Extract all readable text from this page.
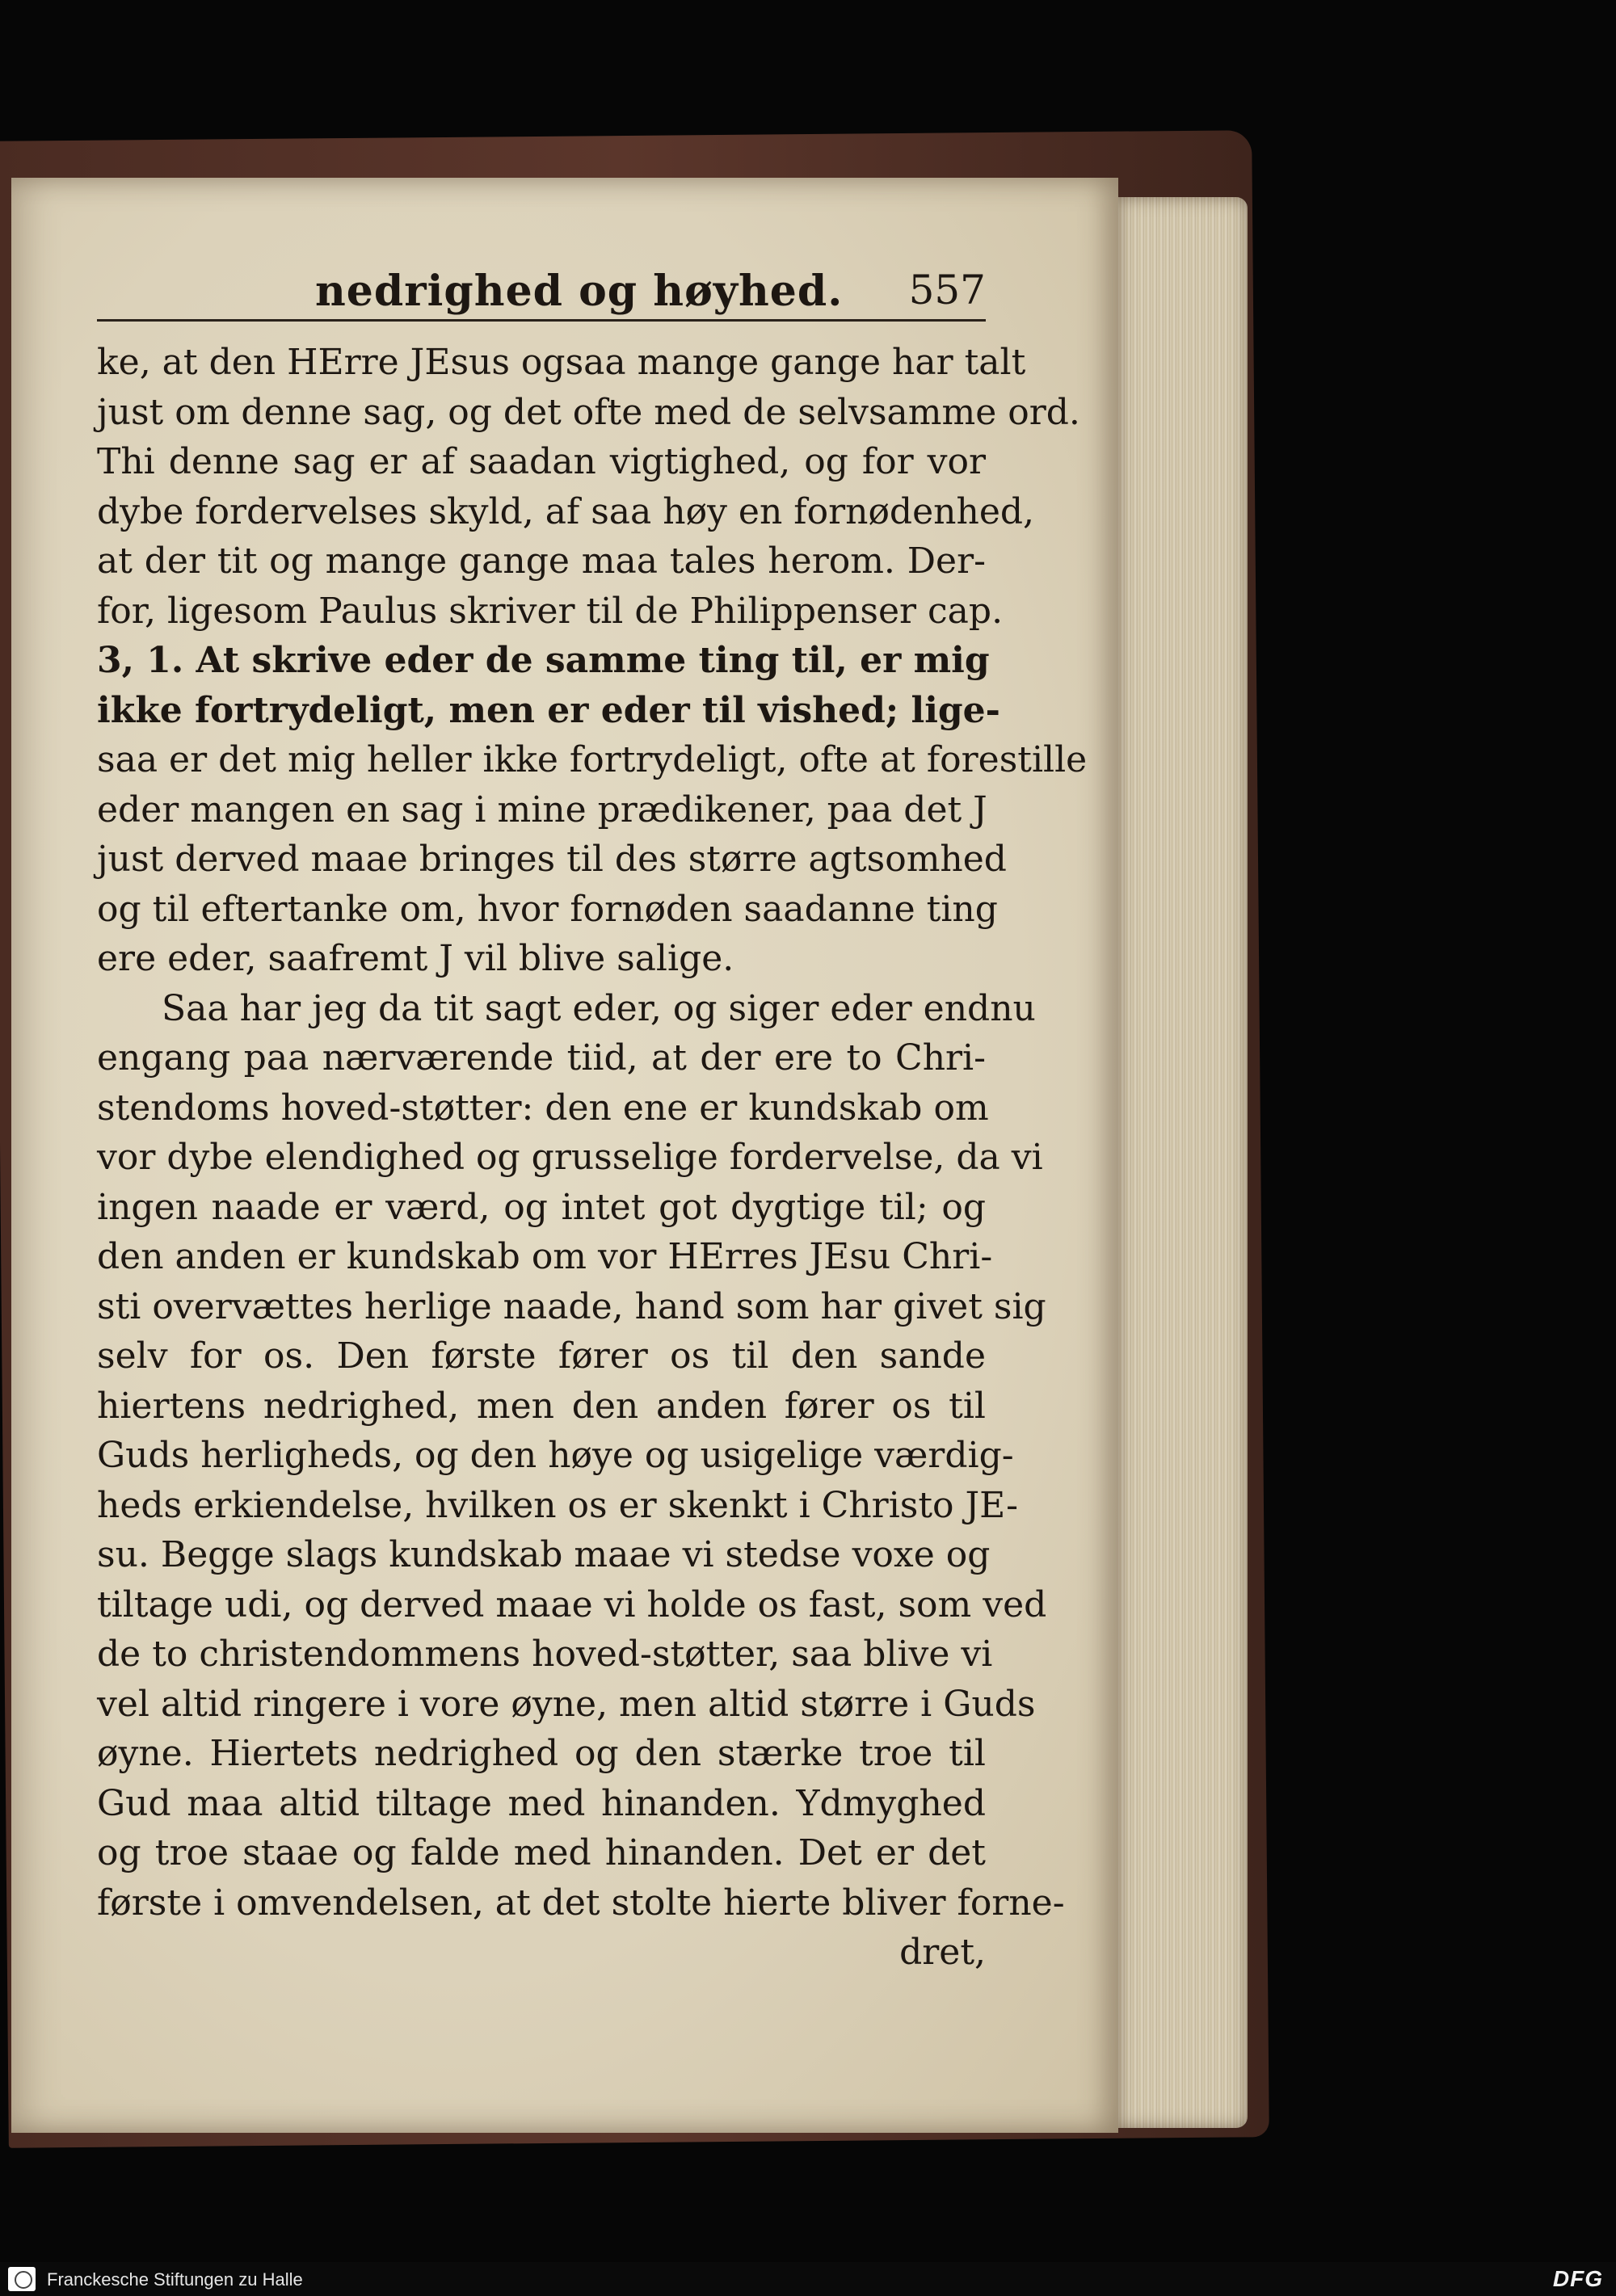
nedrighed og høyhed. 557
ke, at den HErre JEsus ogsaa mange gange har talt
just om denne sag, og det ofte med de selvsamme ord.
Thi denne sag er af saadan vigtighed, og for vor
dybe fordervelses skyld, af saa høy en fornødenhed,
at der tit og mange gange maa tales herom. Der-
for, ligesom Paulus skriver til de Philippenser cap.
3, 1. At skrive eder de samme ting til, er mig
ikke fortrydeligt, men er eder til vished; lige-
saa er det mig heller ikke fortrydeligt, ofte at forestille
eder mangen en sag i mine prædikener, paa det J
just derved maae bringes til des større agtsomhed
og til eftertanke om, hvor fornøden saadanne ting
ere eder, saafremt J vil blive salige.
Saa har jeg da tit sagt eder, og siger eder endnu
engang paa nærværende tiid, at der ere to Chri-
stendoms hoved-støtter: den ene er kundskab om
vor dybe elendighed og grusselige fordervelse, da vi
ingen naade er værd, og intet got dygtige til; og
den anden er kundskab om vor HErres JEsu Chri-
sti overvættes herlige naade, hand som har givet sig
selv for os. Den første fører os til den sande
hiertens nedrighed, men den anden fører os til
Guds herligheds, og den høye og usigelige værdig-
heds erkiendelse, hvilken os er skenkt i Christo JE-
su. Begge slags kundskab maae vi stedse voxe og
tiltage udi, og derved maae vi holde os fast, som ved
de to christendommens hoved-støtter, saa blive vi
vel altid ringere i vore øyne, men altid større i Guds
øyne. Hiertets nedrighed og den stærke troe til
Gud maa altid tiltage med hinanden. Ydmyghed
og troe staae og falde med hinanden. Det er det
første i omvendelsen, at det stolte hierte bliver forne-
dret,
Franckesche Stiftungen zu Halle	DFG
